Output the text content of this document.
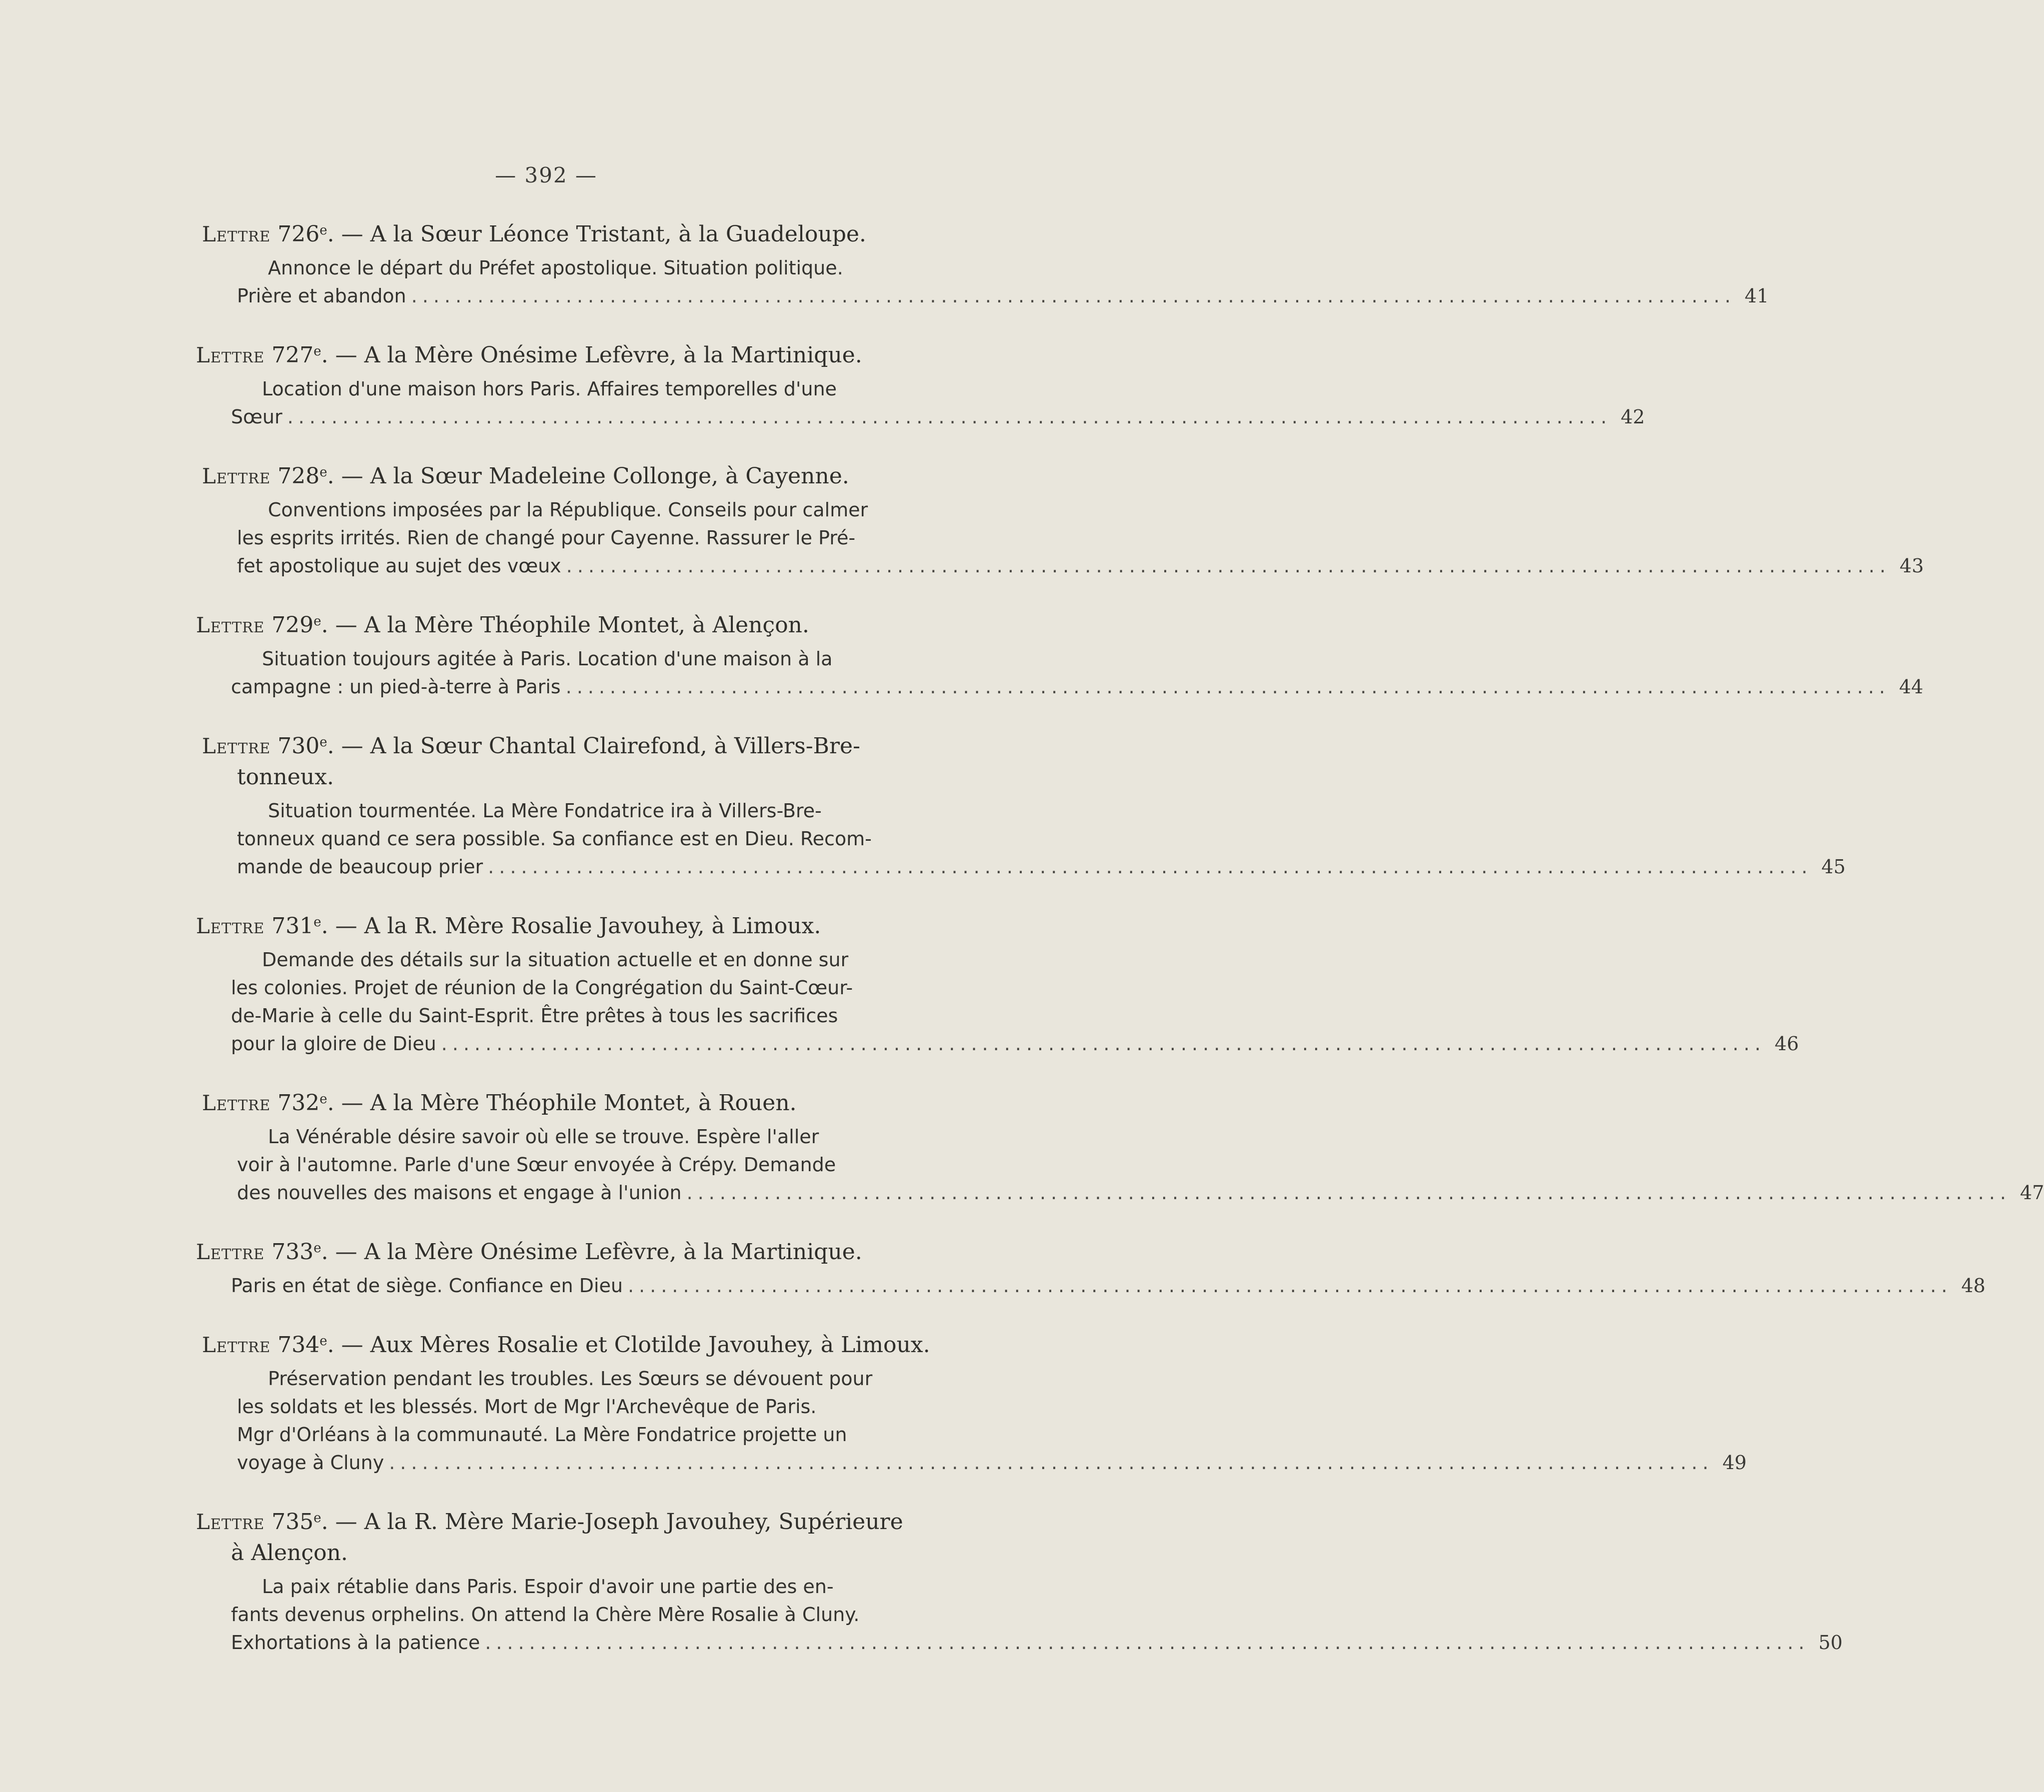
— 392 —
Lettre 726e. — A la Sœur Léonce Tristant, à la Guadeloupe.
Annonce le départ du Préfet apostolique. Situation politique.
Prière et abandon ........................................................................................................................ 41
Lettre 727e. — A la Mère Onésime Lefèvre, à la Martinique.
Location d'une maison hors Paris. Affaires temporelles d'une
Sœur ........................................................................................................................ 42
Lettre 728e. — A la Sœur Madeleine Collonge, à Cayenne.
Conventions imposées par la République. Conseils pour calmer
les esprits irrités. Rien de changé pour Cayenne. Rassurer le Pré-
fet apostolique au sujet des vœux ........................................................................................................................ 43
Lettre 729e. — A la Mère Théophile Montet, à Alençon.
Situation toujours agitée à Paris. Location d'une maison à la
campagne : un pied-à-terre à Paris ........................................................................................................................ 44
Lettre 730e. — A la Sœur Chantal Clairefond, à Villers-Bre-
tonneux.
Situation tourmentée. La Mère Fondatrice ira à Villers-Bre-
tonneux quand ce sera possible. Sa confiance est en Dieu. Recom-
mande de beaucoup prier ........................................................................................................................ 45
Lettre 731e. — A la R. Mère Rosalie Javouhey, à Limoux.
Demande des détails sur la situation actuelle et en donne sur
les colonies. Projet de réunion de la Congrégation du Saint-Cœur-
de-Marie à celle du Saint-Esprit. Être prêtes à tous les sacrifices
pour la gloire de Dieu ........................................................................................................................ 46
Lettre 732e. — A la Mère Théophile Montet, à Rouen.
La Vénérable désire savoir où elle se trouve. Espère l'aller
voir à l'automne. Parle d'une Sœur envoyée à Crépy. Demande
des nouvelles des maisons et engage à l'union ........................................................................................................................ 47
Lettre 733e. — A la Mère Onésime Lefèvre, à la Martinique.
Paris en état de siège. Confiance en Dieu ........................................................................................................................ 48
Lettre 734e. — Aux Mères Rosalie et Clotilde Javouhey, à Limoux.
Préservation pendant les troubles. Les Sœurs se dévouent pour
les soldats et les blessés. Mort de Mgr l'Archevêque de Paris.
Mgr d'Orléans à la communauté. La Mère Fondatrice projette un
voyage à Cluny ........................................................................................................................ 49
Lettre 735e. — A la R. Mère Marie-Joseph Javouhey, Supérieure
à Alençon.
La paix rétablie dans Paris. Espoir d'avoir une partie des en-
fants devenus orphelins. On attend la Chère Mère Rosalie à Cluny.
Exhortations à la patience ........................................................................................................................ 50
